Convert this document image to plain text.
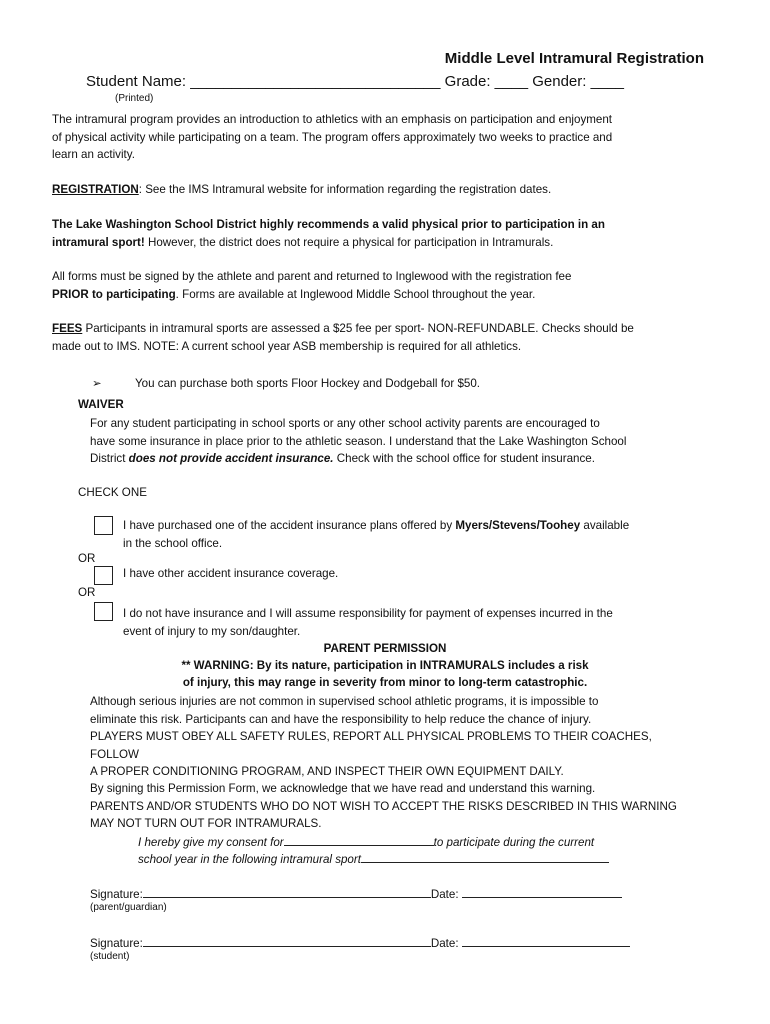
Middle Level Intramural Registration
Student Name: ______________________________ Grade: ____ Gender: ____
(Printed)
The intramural program provides an introduction to athletics with an emphasis on participation and enjoyment
of physical activity while participating on a team. The program offers approximately two weeks to practice and
learn an activity.
REGISTRATION: See the IMS Intramural website for information regarding the registration dates.
The Lake Washington School District highly recommends a valid physical prior to participation in an
intramural sport! However, the district does not require a physical for participation in Intramurals.
All forms must be signed by the athlete and parent and returned to Inglewood with the registration fee
PRIOR to participating. Forms are available at Inglewood Middle School throughout the year.
FEES Participants in intramural sports are assessed a $25 fee per sport- NON-REFUNDABLE. Checks should be
made out to IMS. NOTE: A current school year ASB membership is required for all athletics.
➢	You can purchase both sports Floor Hockey and Dodgeball for $50.
WAIVER
For any student participating in school sports or any other school activity parents are encouraged to
have some insurance in place prior to the athletic season. I understand that the Lake Washington School
District does not provide accident insurance. Check with the school office for student insurance.
CHECK ONE
I have purchased one of the accident insurance plans offered by Myers/Stevens/Toohey available
in the school office.
OR
I have other accident insurance coverage.
OR
I do not have insurance and I will assume responsibility for payment of expenses incurred in the
event of injury to my son/daughter.
PARENT PERMISSION
** WARNING: By its nature, participation in INTRAMURALS includes a risk
of injury, this may range in severity from minor to long-term catastrophic.
Although serious injuries are not common in supervised school athletic programs, it is impossible to
eliminate this risk. Participants can and have the responsibility to help reduce the chance of injury.
PLAYERS MUST OBEY ALL SAFETY RULES, REPORT ALL PHYSICAL PROBLEMS TO THEIR COACHES, FOLLOW
A PROPER CONDITIONING PROGRAM, AND INSPECT THEIR OWN EQUIPMENT DAILY.
By signing this Permission Form, we acknowledge that we have read and understand this warning.
PARENTS AND/OR STUDENTS WHO DO NOT WISH TO ACCEPT THE RISKS DESCRIBED IN THIS WARNING
MAY NOT TURN OUT FOR INTRAMURALS.
I hereby give my consent for	to participate during the current
school year in the following intramural sport
Signature:	Date:
(parent/guardian)
Signature:	Date:
(student)
